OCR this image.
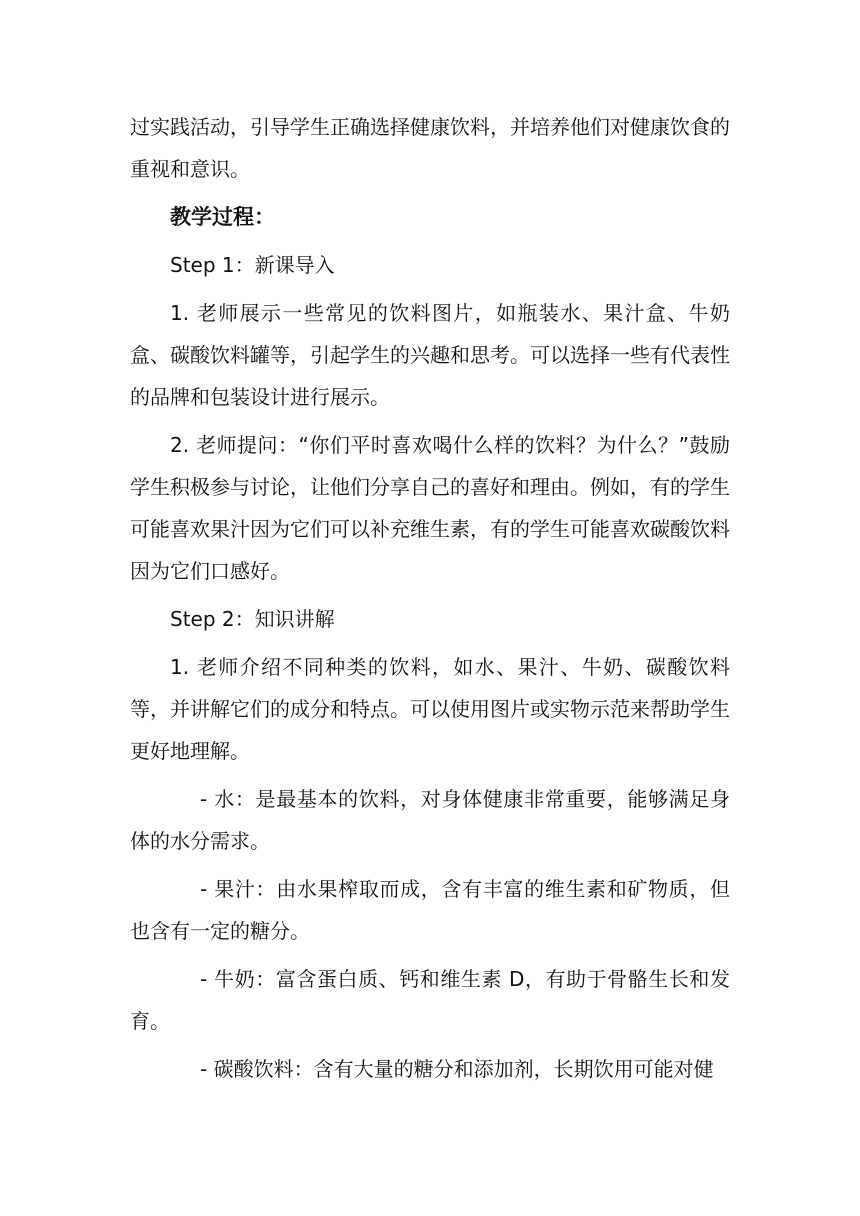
过实践活动，引导学生正确选择健康饮料，并培养他们对健康饮食的重视和意识。

教学过程：

Step 1：新课导入

1. 老师展示一些常见的饮料图片，如瓶装水、果汁盒、牛奶盒、碳酸饮料罐等，引起学生的兴趣和思考。可以选择一些有代表性的品牌和包装设计进行展示。

2. 老师提问：“你们平时喜欢喝什么样的饮料？为什么？”鼓励学生积极参与讨论，让他们分享自己的喜好和理由。例如，有的学生可能喜欢果汁因为它们可以补充维生素，有的学生可能喜欢碳酸饮料因为它们口感好。

Step 2：知识讲解

1. 老师介绍不同种类的饮料，如水、果汁、牛奶、碳酸饮料等，并讲解它们的成分和特点。可以使用图片或实物示范来帮助学生更好地理解。

- 水：是最基本的饮料，对身体健康非常重要，能够满足身体的水分需求。

- 果汁：由水果榨取而成，含有丰富的维生素和矿物质，但也含有一定的糖分。

- 牛奶：富含蛋白质、钙和维生素 D，有助于骨骼生长和发育。

- 碳酸饮料：含有大量的糖分和添加剂，长期饮用可能对健
